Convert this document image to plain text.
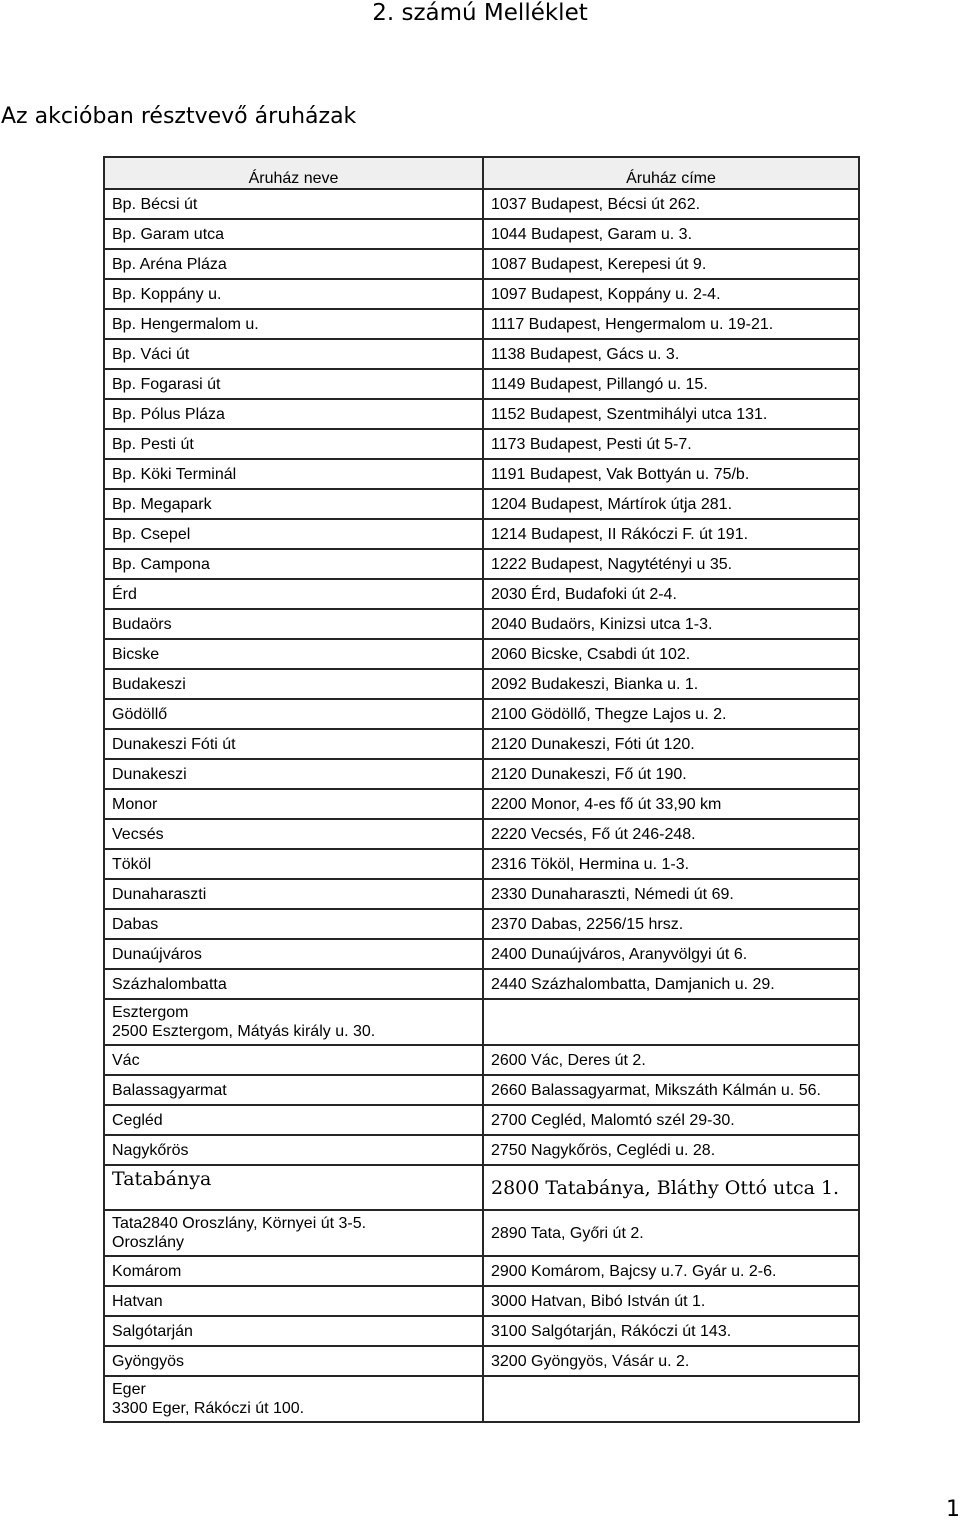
2. számú Melléklet
Az akcióban résztvevő áruházak
Áruház neve	Áruház címe
Bp. Bécsi út	1037 Budapest, Bécsi út 262.
Bp. Garam utca	1044 Budapest, Garam u. 3.
Bp. Aréna Pláza	1087 Budapest, Kerepesi út 9.
Bp. Koppány u.	1097 Budapest, Koppány u. 2-4.
Bp. Hengermalom u.	1117 Budapest, Hengermalom u. 19-21.
Bp. Váci út	1138 Budapest, Gács u. 3.
Bp. Fogarasi út	1149 Budapest, Pillangó u. 15.
Bp. Pólus Pláza	1152 Budapest, Szentmihályi utca 131.
Bp. Pesti út	1173 Budapest, Pesti út 5-7.
Bp. Köki Terminál	1191 Budapest, Vak Bottyán u. 75/b.
Bp. Megapark	1204 Budapest, Mártírok útja 281.
Bp. Csepel	1214 Budapest, II Rákóczi F. út 191.
Bp. Campona	1222 Budapest, Nagytétényi u 35.
Érd	2030 Érd, Budafoki út 2-4.
Budaörs	2040 Budaörs, Kinizsi utca 1-3.
Bicske	2060 Bicske, Csabdi út 102.
Budakeszi	2092 Budakeszi, Bianka u. 1.
Gödöllő	2100 Gödöllő, Thegze Lajos u. 2.
Dunakeszi Fóti út	2120 Dunakeszi, Fóti út 120.
Dunakeszi	2120 Dunakeszi, Fő út 190.
Monor	2200 Monor, 4-es fő út 33,90 km
Vecsés	2220 Vecsés, Fő út 246-248.
Tököl	2316 Tököl, Hermina u. 1-3.
Dunaharaszti	2330 Dunaharaszti, Némedi út 69.
Dabas	2370 Dabas, 2256/15 hrsz.
Dunaújváros	2400 Dunaújváros, Aranyvölgyi út 6.
Százhalombatta	2440 Százhalombatta, Damjanich u. 29.
Esztergom
2500 Esztergom, Mátyás király u. 30.	

Vác	2600 Vác, Deres út 2.
Balassagyarmat	2660 Balassagyarmat, Mikszáth Kálmán u. 56.
Cegléd	2700 Cegléd, Malomtó szél 29-30.
Nagykőrös	2750 Nagykőrös, Ceglédi u. 28.
Tatabánya	2800 Tatabánya, Bláthy Ottó utca 1.
Tata2840 Oroszlány, Környei út 3-5.
Oroszlány	2890 Tata, Győri út 2.
Komárom	2900 Komárom, Bajcsy u.7. Gyár u. 2-6.
Hatvan	3000 Hatvan, Bibó István út 1.
Salgótarján	3100 Salgótarján, Rákóczi út 143.
Gyöngyös	3200 Gyöngyös, Vásár u. 2.
Eger
3300 Eger, Rákóczi út 100.	

1
